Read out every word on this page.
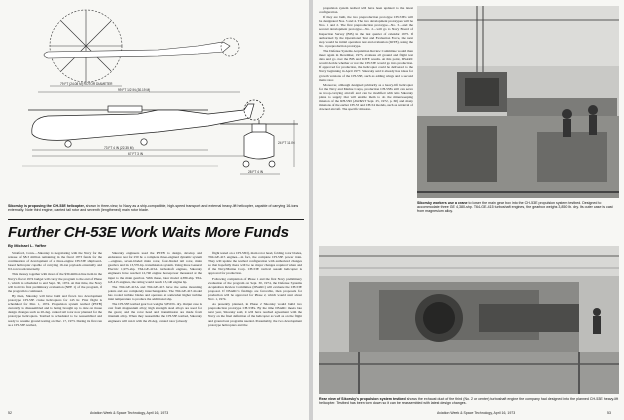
79 FT (24.08 M) ROTOR DIAMETER
99 FT 1/2 IN (30.19 M)
73 FT 4 IN (22.35 M)
67 FT 3 IN
28 FT 4 IN
24 FT 11 IN
Sikorsky is proposing the CH-53E helicopter, shown in three-view, to Navy as a ship-compatible, high-speed transport and external heavy-lift helicopter, capable of carrying 16-tons externally. Note third engine, canted tail rotor and seventh (lengthened) main rotor blade.
Further CH-53E Work Waits More Funds
By Michael L. Yaffee

Stratford, Conn.—Sikorsky is negotiating with the Navy for the release of $8.3 million remaining in the fiscal 1973 funds for the continuation of development of a three-engine CH-53E shipboard-based helicopter capable of carrying 16-ton payloads externally and 9.5-ton loads internally.

This money together with most of the $30-million line item in the Navy's fiscal 1974 budget will carry the program to the end of Phase 1, which is scheduled to end Sept. 30, 1974. At that time, the Navy will hold its first preliminary evaluation (NPE 1) of the program, if the program is continued.

By then, Sikorsky will have built and flown two development prototype CH-53E cruise helicopters for 145 hr. First flight is scheduled for Mar. 1, 1974. Propulsion system testbed (PSTB) currently is disassembled and is being brought up to date on tissue design changes such as 20-deg. canted tail rotor now planned for the prototype helicopters. Testbed is scheduled to be reassembled and ready to resume ground testing on Dec. 17, 1973. During its first run as a CH-53E testbed,

Sikorsky engineers used the PSTB to design, develop and endurance test for 250 hr. a complete three-engined dynamic system—engines, seven-bladed main rotor, four-bladed tail rotor, main gearbox and its 13,570-hp. transmission system. Using three General Electric 1,975-shp. T64-GE-415A turboshaft engines, Sikorsky engineers have reached 12,740 engine horsepower measured at the input to the main gearbox. With these, later model 4,380-shp. T64-GE-415 engines, the rating would reach 13,140 engine hp.

The T64-GE-415A and T64-GE-415 have the same mounting points and are completely interchangeable. The T64-GE-415 model has cooled turbine blades and operates at somewhat higher turbine inlet temperature to produce the additional shp.

The CH-53E testbed gear box weighs 3,850 lb. dry. Output case is cast from magnesium alloy; high strength steel alloys are used for the gears; and the rotor head and transmission are made from titanium alloy. When they reassemble the CH-53E testbed, Sikorsky engineers will run it with the 20-deg. canted rotor (already

flight tested on a CH-53D), main rotor head, folding rotor blades, T64-GE-415 engines—in fact, the complete CH-53E power train. They will update the testbed configuration with authorized changes so that hopefully there will be no major changes required when and if the Navy/Marine Corp. CH-53E vertical assault helicopter is approved for production.

Following completion of Phase 1 and the first Navy preliminary evaluation of the program on Sept. 30, 1974, the Defense Systems Acquisition Review Committee (DSARC) will evaluate the CH-53E proposal. If DSARC's findings are favorable, then proposals for production will be approved for Phase 2, which would start about Nov. 1, 1974.

As presently planned, in Phase 2 Sikorsky would build two preproduction prototype CH-53Es. By the time DSARC meets late next year, Sikorsky said, it will have reached agreement with the Navy on the final definition of the helicopter as well as on the flight and ground test programs needed. Presumably, the two development prototype helicopters and the

52	Aviation Week & Space Technology, April 16, 1973

propulsion system testbed will have been updated to the latest configuration.

If they are built, the two preproduction prototype CH-53Es will be designated Nos. 3 and 4. The two development prototypes will be Nos. 1 and 2. The first preproduction prototype—No. 3—and the second development prototype—No. 2—will go to Navy Board of Inspection Survey (BIS) in the last quarter of calendar 1975. If authorized by the Operational Test and Evaluation Force, the next step would be initial operation test and evaluation (IOTE), using the No. 4 preproduction prototype.

The Defense Systems Acquisition Review Committee would then meet again in December, 1975, evaluate all ground and flight test data and go over the BIS and IOTE results. At this point, DSARC would decide whether or not the CH-53E would go into production. If approved for production, the helicopter could be delivered to the Navy beginning in April 1977. Sikorsky said it already has ideas for growth versions of the CH-53E, such as adding wings and a second main rotor.

Moreover, although designed primarily as a heavy-lift helicopter for the Navy and Marine Corps, production CH-53Es still can serve as troop-carrying aircraft and can be modified with kits Sikorsky plans to supply that will enable them to do the minesweeping mission of the RH-53D (AW&ST Sept. 25, 1972, p. 60) and many missions of the earlier CH-53 and CH-54 models, such as retrieval of downed aircraft. The specific mission-

Sikorsky workers use a crane to lower the main gear box into the CH-53E propulsion system testbed. Designed to accommodate three GE 4,380-shp. T64-GE-415 turboshaft engines, the gearbox weighs 3,850 lb. dry. Its outer case is cast from magnesium alloy.
Rear view of Sikorsky's propulsion system testbed shows the exhaust duct of the third (No. 2 or center) turboshaft engine the company had designed into the planned CH-53E heavy-lift helicopter. Testbed has been torn down so it can be reassembled with latest design changes.
Aviation Week & Space Technology, April 16, 1973	53
